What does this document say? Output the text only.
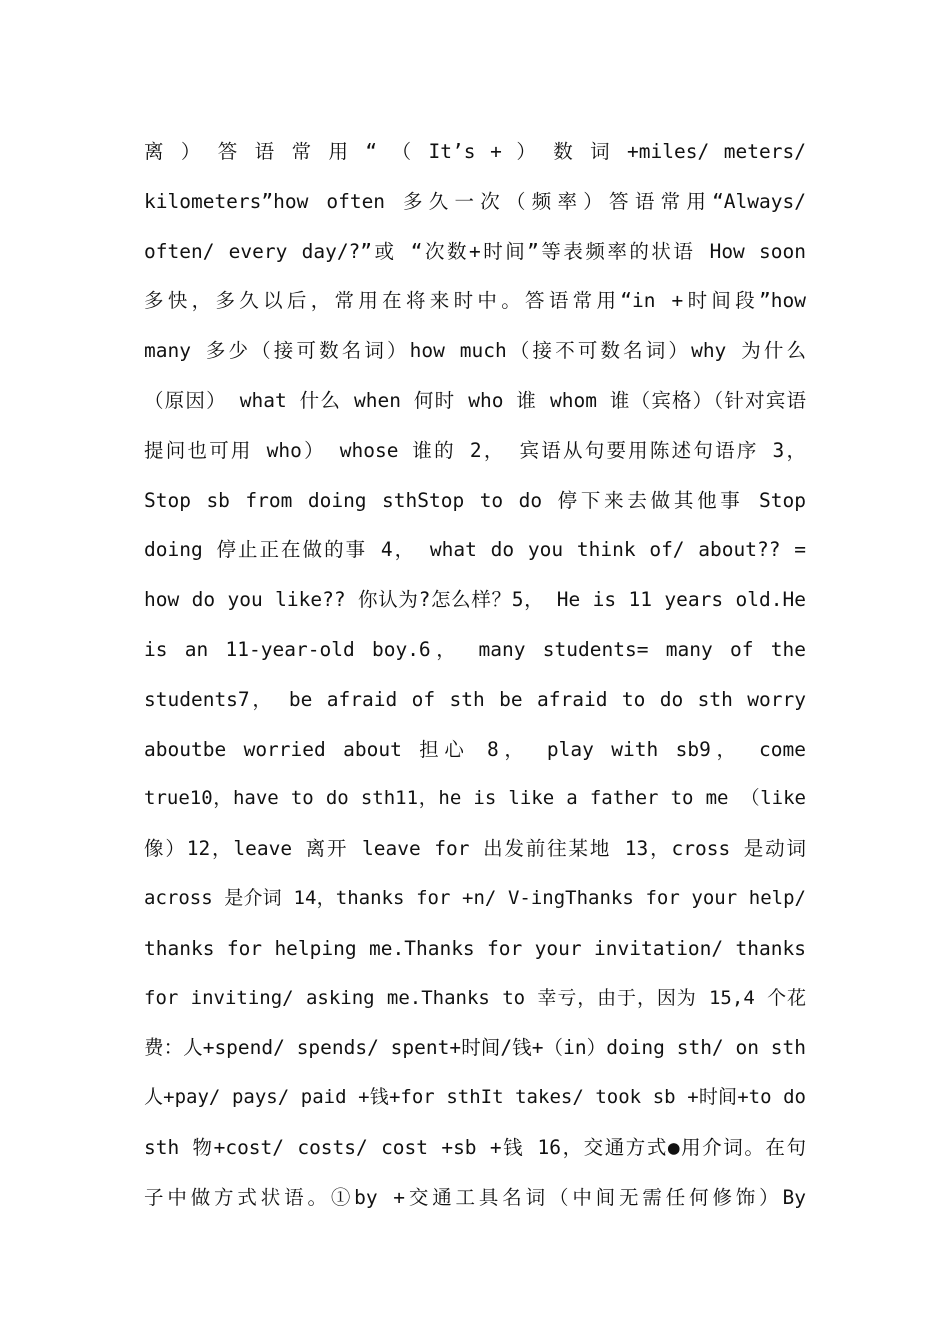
离 ） 答 语 常 用 “ （ It’s + ） 数 词 +miles/ meters/
kilometers”how often 多久一次（频率）答语常用“Always/
often/ every day/?”或 “次数+时间”等表频率的状语 How soon
多快，多久以后，常用在将来时中。答语常用“in +时间段”how
many 多少（接可数名词）how much（接不可数名词）why 为什么
（原因） what 什么 when 何时 who 谁 whom 谁（宾格）（针对宾语
提问也可用 who） whose 谁的 2， 宾语从句要用陈述句语序 3，
Stop sb from doing sthStop to do 停下来去做其他事 Stop
doing 停止正在做的事 4， what do you think of/ about?? =
how do you like?? 你认为?怎么样？5， He is 11 years old.He
is an 11-year-old boy.6， many students= many of the
students7， be afraid of sth be afraid to do sth worry
aboutbe worried about 担心 8， play with sb9， come
true10，have to do sth11，he is like a father to me （like
像）12，leave 离开 leave for 出发前往某地 13，cross 是动词
across 是介词 14，thanks for +n/ V-ingThanks for your help/
thanks for helping me.Thanks for your invitation/ thanks
for inviting/ asking me.Thanks to 幸亏，由于，因为 15,4 个花
费：人+spend/ spends/ spent+时间/钱+（in）doing sth/ on sth
人+pay/ pays/ paid +钱+for sthIt takes/ took sb +时间+to do
sth 物+cost/ costs/ cost +sb +钱 16，交通方式●用介词。在句
子中做方式状语。①by +交通工具名词（中间无需任何修饰）By
